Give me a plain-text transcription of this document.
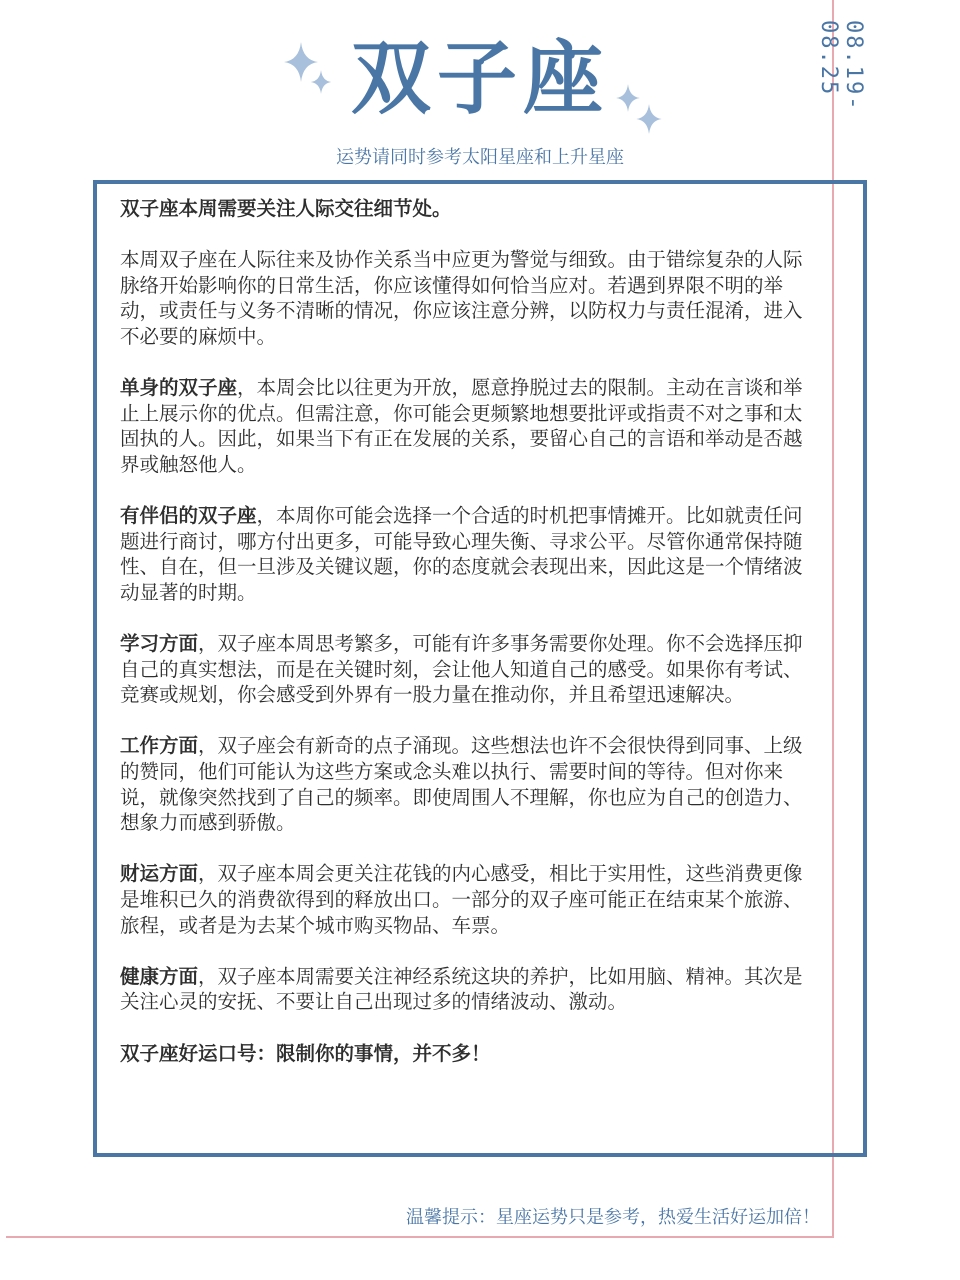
双子座
运势请同时参考太阳星座和上升星座
08.19-08.25

双子座本周需要关注人际交往细节处。

本周双子座在人际往来及协作关系当中应更为警觉与细致。由于错综复杂的人际脉络开始影响你的日常生活，你应该懂得如何恰当应对。若遇到界限不明的举动，或责任与义务不清晰的情况，你应该注意分辨，以防权力与责任混淆，进入不必要的麻烦中。

单身的双子座，本周会比以往更为开放，愿意挣脱过去的限制。主动在言谈和举止上展示你的优点。但需注意，你可能会更频繁地想要批评或指责不对之事和太固执的人。因此，如果当下有正在发展的关系，要留心自己的言语和举动是否越界或触怒他人。

有伴侣的双子座，本周你可能会选择一个合适的时机把事情摊开。比如就责任问题进行商讨，哪方付出更多，可能导致心理失衡、寻求公平。尽管你通常保持随性、自在，但一旦涉及关键议题，你的态度就会表现出来，因此这是一个情绪波动显著的时期。

学习方面，双子座本周思考繁多，可能有许多事务需要你处理。你不会选择压抑自己的真实想法，而是在关键时刻，会让他人知道自己的感受。如果你有考试、竞赛或规划，你会感受到外界有一股力量在推动你，并且希望迅速解决。

工作方面，双子座会有新奇的点子涌现。这些想法也许不会很快得到同事、上级的赞同，他们可能认为这些方案或念头难以执行、需要时间的等待。但对你来说，就像突然找到了自己的频率。即使周围人不理解，你也应为自己的创造力、想象力而感到骄傲。

财运方面，双子座本周会更关注花钱的内心感受，相比于实用性，这些消费更像是堆积已久的消费欲得到的释放出口。一部分的双子座可能正在结束某个旅游、旅程，或者是为去某个城市购买物品、车票。

健康方面，双子座本周需要关注神经系统这块的养护，比如用脑、精神。其次是关注心灵的安抚、不要让自己出现过多的情绪波动、激动。

双子座好运口号：限制你的事情，并不多！

温馨提示：星座运势只是参考，热爱生活好运加倍！
